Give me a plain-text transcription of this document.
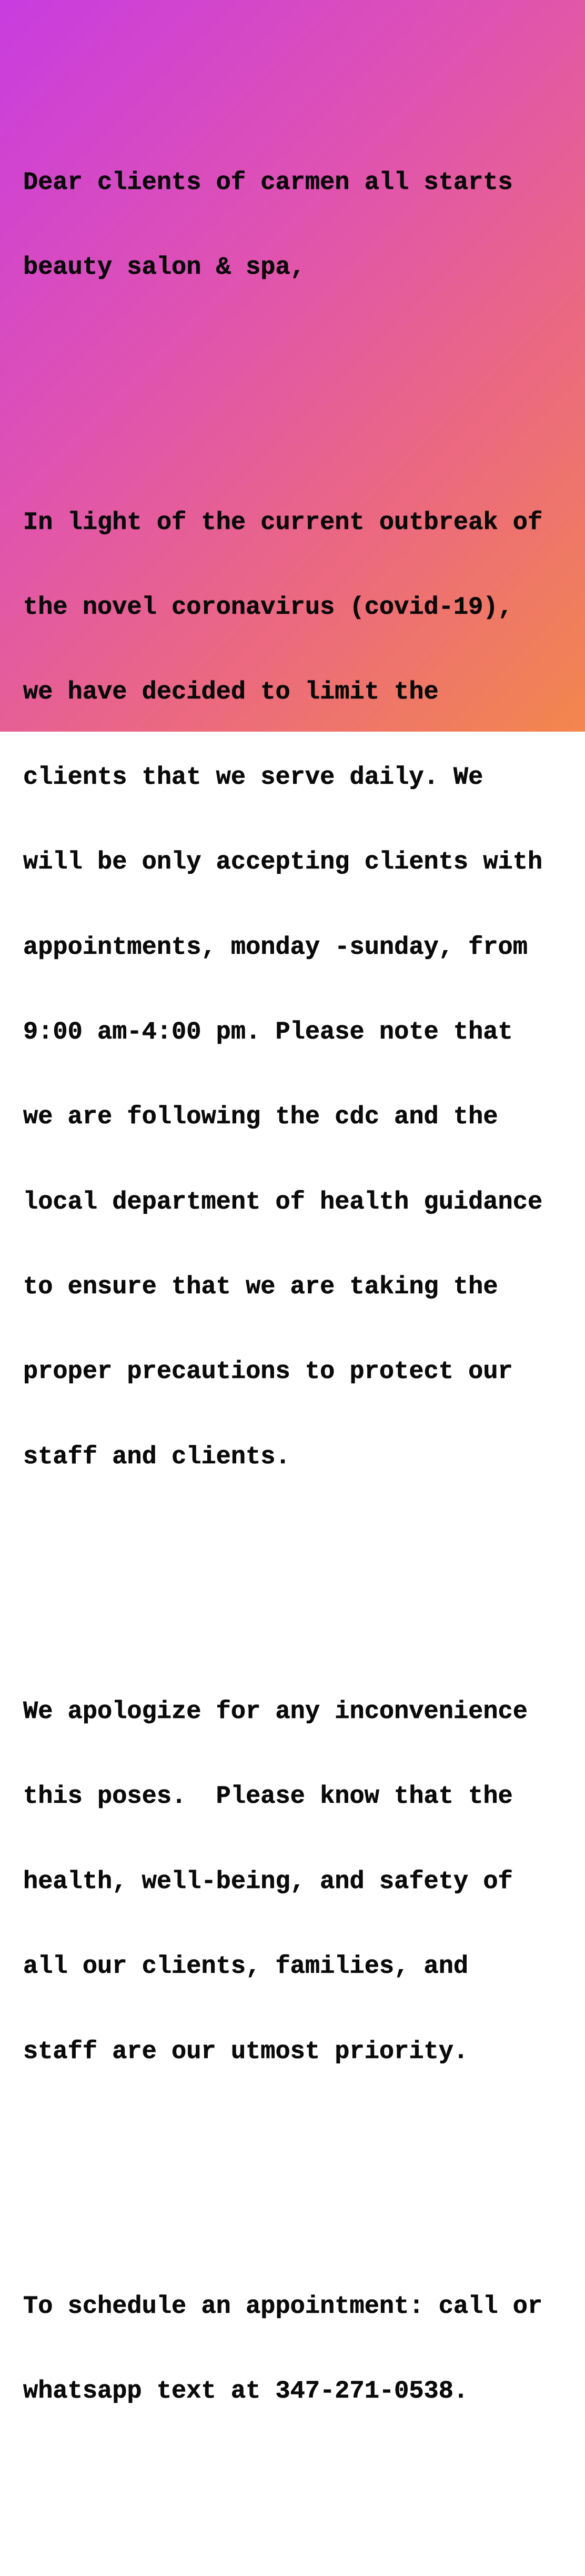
Dear clients of carmen all starts

beauty salon & spa,

In light of the current outbreak of

the novel coronavirus (covid-19),

we have decided to limit the

clients that we serve daily. We

will be only accepting clients with

appointments, monday -sunday, from

9:00 am-4:00 pm. Please note that

we are following the cdc and the

local department of health guidance

to ensure that we are taking the

proper precautions to protect our

staff and clients.

We apologize for any inconvenience

this poses.  Please know that the

health, well-being, and safety of

all our clients, families, and

staff are our utmost priority.

To schedule an appointment: call or

whatsapp text at 347-271-0538.
